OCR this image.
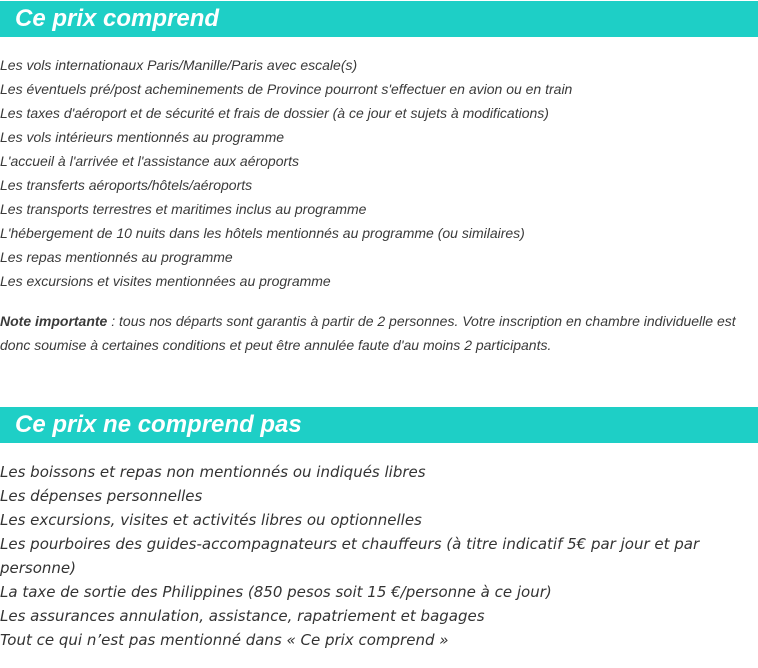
Ce prix comprend
Les vols internationaux Paris/Manille/Paris avec escale(s)
Les éventuels pré/post acheminements de Province pourront s'effectuer en avion ou en train
Les taxes d'aéroport et de sécurité et frais de dossier (à ce jour et sujets à modifications)
Les vols intérieurs mentionnés au programme
L'accueil à l'arrivée et l'assistance aux aéroports
Les transferts aéroports/hôtels/aéroports
Les transports terrestres et maritimes inclus au programme
L'hébergement de 10 nuits dans les hôtels mentionnés au programme (ou similaires)
Les repas mentionnés au programme
Les excursions et visites mentionnées au programme

Note importante : tous nos départs sont garantis à partir de 2 personnes. Votre inscription en chambre individuelle est donc soumise à certaines conditions et peut être annulée faute d'au moins 2 participants.

Ce prix ne comprend pas
Les boissons et repas non mentionnés ou indiqués libres
Les dépenses personnelles
Les excursions, visites et activités libres ou optionnelles
Les pourboires des guides-accompagnateurs et chauffeurs (à titre indicatif 5€ par jour et par personne)
La taxe de sortie des Philippines (850 pesos soit 15 €/personne à ce jour)
Les assurances annulation, assistance, rapatriement et bagages
Tout ce qui n’est pas mentionné dans « Ce prix comprend »
